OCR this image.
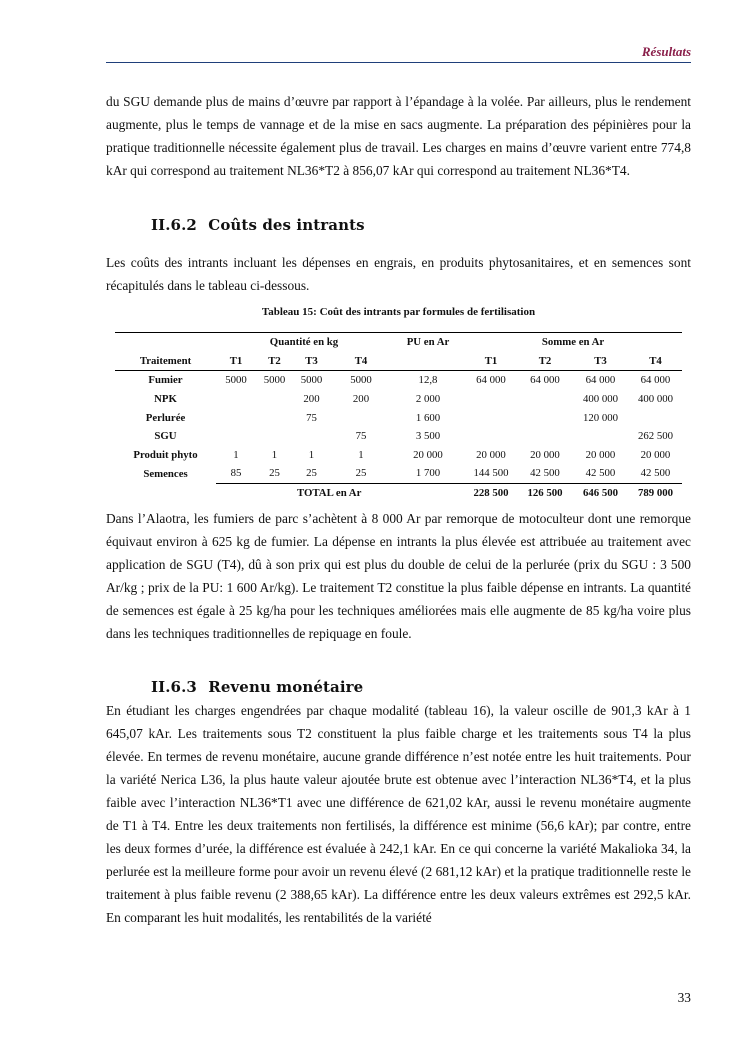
Résultats

du SGU demande plus de mains d’œuvre par rapport à l’épandage à la volée. Par ailleurs, plus le rendement augmente, plus le temps de vannage et de la mise en sacs augmente. La préparation des pépinières pour la pratique traditionnelle nécessite également plus de travail. Les charges en mains d’œuvre varient entre 774,8 kAr qui correspond au traitement NL36*T2 à 856,07 kAr qui correspond au traitement NL36*T4.

II.6.2 Coûts des intrants

Les coûts des intrants incluant les dépenses en engrais, en produits phytosanitaires, et en semences sont récapitulés dans le tableau ci-dessous.

Tableau 15: Coût des intrants par formules de fertilisation
	Quantité en kg				PU en Ar	Somme en Ar			
Traitement	T1	T2	T3	T4		T1	T2	T3	T4
Fumier	5000	5000	5000	5000	12,8	64 000	64 000	64 000	64 000
NPK			200	200	2 000			400 000	400 000
Perlurée			75		1 600			120 000	
SGU				75	3 500				262 500
Produit phyto	1	1	1	1	20 000	20 000	20 000	20 000	20 000
Semences	85	25	25	25	1 700	144 500	42 500	42 500	42 500
			TOTAL en Ar			228 500	126 500	646 500	789 000

Dans l’Alaotra, les fumiers de parc s’achètent à 8 000 Ar par remorque de motoculteur dont une remorque équivaut environ à 625 kg de fumier. La dépense en intrants la plus élevée est attribuée au traitement avec application de SGU (T4), dû à son prix qui est plus du double de celui de la perlurée (prix du SGU : 3 500 Ar/kg ; prix de la PU: 1 600 Ar/kg). Le traitement T2 constitue la plus faible dépense en intrants. La quantité de semences est égale à 25 kg/ha pour les techniques améliorées mais elle augmente de 85 kg/ha voire plus dans les techniques traditionnelles de repiquage en foule.

II.6.3 Revenu monétaire

En étudiant les charges engendrées par chaque modalité (tableau 16), la valeur oscille de 901,3 kAr à 1 645,07 kAr. Les traitements sous T2 constituent la plus faible charge et les traitements sous T4 la plus élevée. En termes de revenu monétaire, aucune grande différence n’est notée entre les huit traitements. Pour la variété Nerica L36, la plus haute valeur ajoutée brute est obtenue avec l’interaction NL36*T4, et la plus faible avec l’interaction NL36*T1 avec une différence de 621,02 kAr, aussi le revenu monétaire augmente de T1 à T4. Entre les deux traitements non fertilisés, la différence est minime (56,6 kAr); par contre, entre les deux formes d’urée, la différence est évaluée à 242,1 kAr. En ce qui concerne la variété Makalioka 34, la perlurée est la meilleure forme pour avoir un revenu élevé (2 681,12 kAr) et la pratique traditionnelle reste le traitement à plus faible revenu (2 388,65 kAr). La différence entre les deux valeurs extrêmes est 292,5 kAr. En comparant les huit modalités, les rentabilités de la variété

33
